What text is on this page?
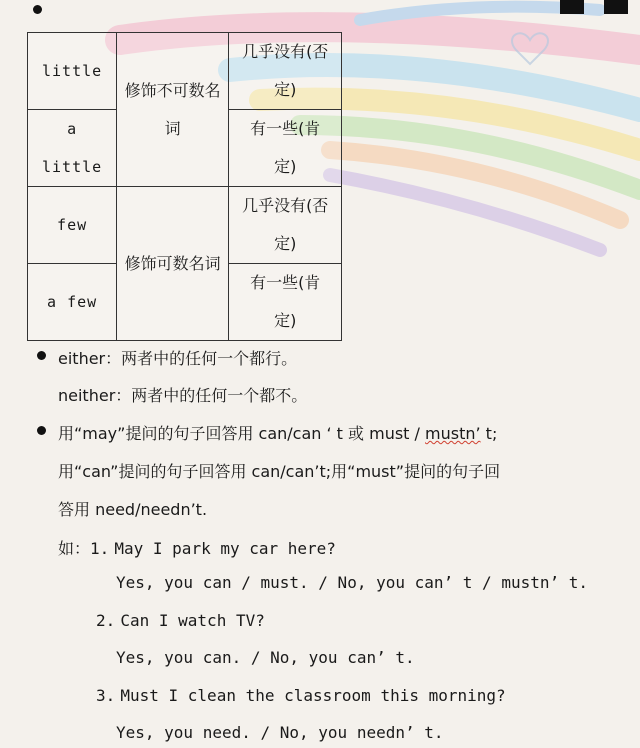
little	修饰不可数名词	几乎没有(否定)
a little		有一些(肯定)
few	修饰可数名词	几乎没有(否定)
a few		有一些(肯定)
either：两者中的任何一个都行。
neither：两者中的任何一个都不。
用“may”提问的句子回答用 can/can ‘ t 或 must / mustn’ t;
用“can”提问的句子回答用 can/can’t;用“must”提问的句子回
答用 need/needn’t.
如：1. May I park my car here?
Yes, you can / must. / No, you can’ t / mustn’ t.
2. Can I watch TV?
Yes, you can. / No, you can’ t.
3. Must I clean the classroom this morning?
Yes, you need. / No, you needn’ t.
